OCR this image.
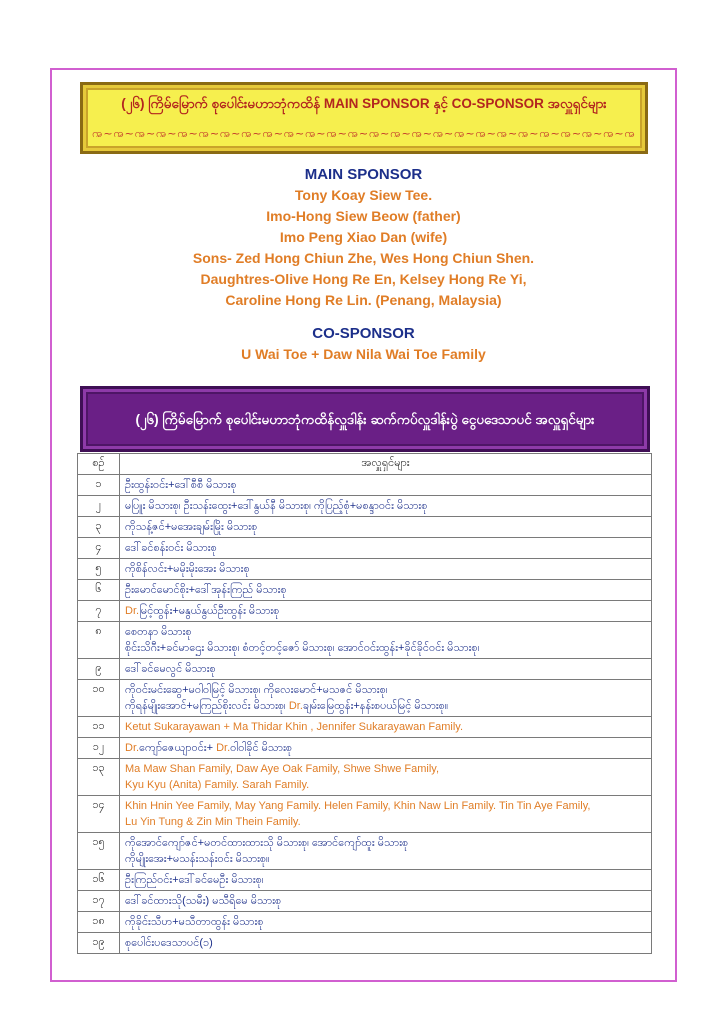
(၂၆) ကြိမ်မြောက် စုပေါင်းမဟာဘုံကထိန် MAIN SPONSOR နှင့် CO-SPONSOR အလှူရှင်များ
ꩠ~ꩠ~ꩠ~ꩠ~ꩠ~ꩠ~ꩠ~ꩠ~ꩠ~ꩠ~ꩠ~ꩠ~ꩠ~ꩠ~ꩠ~ꩠ~ꩠ~ꩠ~ꩠ~ꩠ~ꩠ~ꩠ~ꩠ~ꩠ~ꩠ~ꩠ
MAIN SPONSOR
Tony Koay Siew Tee.
Imo-Hong Siew Beow (father)
Imo Peng Xiao Dan (wife)
Sons- Zed Hong Chiun Zhe, Wes Hong Chiun Shen.
Daughtres-Olive Hong Re En, Kelsey Hong Re Yi,
Caroline Hong Re Lin. (Penang, Malaysia)
CO-SPONSOR
U Wai Toe + Daw Nila Wai Toe Family
(၂၆) ကြိမ်မြောက် စုပေါင်းမဟာဘုံကထိန်လှူဒါန်း ဆက်ကပ်လှူဒါန်းပွဲ ငွေပဒေသာပင် အလှူရှင်များ
စဉ်	အလှူရှင်များ
၁	ဦးထွန်းဝင်း+ဒေါ်စီစီ မိသားစု
၂	မပြူး မိသားစု၊ ဦးသန်းထွေး+ဒေါ်နွယ်နီ မိသားစု၊ ကိုပြည့်စုံ+မစန္ဒာဝင်း မိသားစု
၃	ကိုသန့်ဇင်+မအေးချမ်းမြိုး မိသားစု
၄	ဒေါ်ခင်စန်းဝင်း မိသားစု
၅	ကိုစိန်လင်း+မမိုးမိုးအေး မိသားစု
၆	ဦးမောင်မောင်စိုး+ဒေါ်အုန်းကြည် မိသားစု
၇	Dr.မြင့်ထွန်း+မနွယ်နွယ်ဦးထွန်း မိသားစု
၈	စေတနာ မိသားစု
စိုင်းသိဂီး+ခင်မာဌေး မိသားစု၊ စံတင့်တင့်ဇော် မိသားစု၊ အောင်ဝင်းထွန်း+ခိုင်ခိုင်ဝင်း မိသားစု၊

၉	ဒေါ်ခင်မေလွင် မိသားစု
၁၀	ကိုဝင်းမင်းဆွေ+မဝါဝါမြင့် မိသားစု၊ ကိုလေးမောင်+မသဇင် မိသားစု၊
ကိုရန်မျိုးအောင်+မကြည်စိုးလင်း မိသားစု၊ Dr.ချမ်းမြေထွန်း+နန်းစပယ်မြင့် မိသားစု။

၁၁	Ketut Sukarayawan + Ma Thidar Khin , Jennifer Sukarayawan Family.
၁၂	Dr.ကျော်ဇေယျာဝင်း+ Dr.ဝါဝါခိုင် မိသားစု
၁၃	Ma Maw Shan Family, Daw Aye Oak Family, Shwe Shwe Family,
Kyu Kyu (Anita) Family. Sarah Family.

၁၄	Khin Hnin Yee Family, May Yang Family. Helen Family, Khin Naw Lin Family. Tin Tin Aye Family,
Lu Yin Tung & Zin Min Thein Family.

၁၅	ကိုအောင်ကျော်ဇင်+မတင်ထားထားသို မိသားစု၊ အောင်ကျော်ထူး မိသားစု
ကိုမျိုးအေး+မသန်းသန်းဝင်း မိသားစု။

၁၆	ဦးကြည်ဝင်း+ဒေါ်ခင်မေဦး မိသားစု၊
၁၇	ဒေါ်ခင်ထားသို(သမီး) မသီရိမေ မိသားစု
၁၈	ကိုခိုင်းသီဟ+မသီတာထွန်း မိသားစု
၁၉	စုပေါင်းပဒေသာပင်(၁)
